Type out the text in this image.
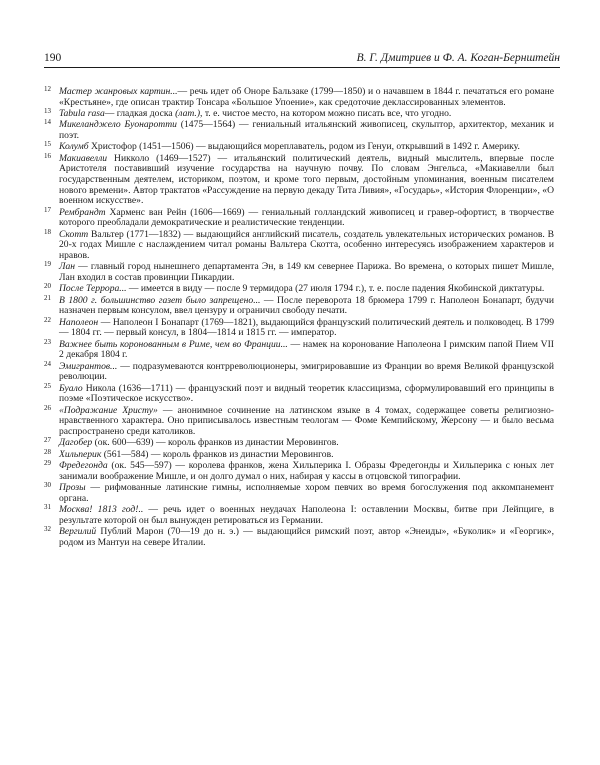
190	В. Г. Дмитриев и Ф. А. Коган-Бернштейн
12 Мастер жанровых картин...— речь идет об Оноре Бальзаке (1799—1850) и о начавшем в 1844 г. печататься его романе «Крестьяне», где описан трактир Тонсара «Большое Упоение», как средоточие деклассированных элементов.
13 Tabula rasa— гладкая доска (лат.), т. е. чистое место, на котором можно писать все, что угодно.
14 Микеланджело Буонаротти (1475—1564) — гениальный итальянский живописец, скульптор, архитектор, механик и поэт.
15 Колумб Христофор (1451—1506) — выдающийся мореплаватель, родом из Генуи, открывший в 1492 г. Америку.
16 Макиавелли Никколо (1469—1527) — итальянский политический деятель, видный мыслитель, впервые после Аристотеля поставивший изучение государства на научную почву. По словам Энгельса, «Макиавелли был государственным деятелем, историком, поэтом, и кроме того первым, достойным упоминания, военным писателем нового времени». Автор трактатов «Рассуждение на первую декаду Тита Ливия», «Государь», «История Флоренции», «О военном искусстве».
17 Рембрандт Харменс ван Рейн (1606—1669) — гениальный голландский живописец и гравер-офортист, в творчестве которого преобладали демократические и реалистические тенденции.
18 Скотт Вальтер (1771—1832) — выдающийся английский писатель, создатель увлекательных исторических романов. В 20-х годах Мишле с наслаждением читал романы Вальтера Скотта, особенно интересуясь изображением характеров и нравов.
19 Лан — главный город нынешнего департамента Эн, в 149 км севернее Парижа. Во времена, о которых пишет Мишле, Лан входил в состав провинции Пикардии.
20 После Террора... — имеется в виду — после 9 термидора (27 июля 1794 г.), т. е. после падения Якобинской диктатуры.
21 В 1800 г. большинство газет было запрещено... — После переворота 18 брюмера 1799 г. Наполеон Бонапарт, будучи назначен первым консулом, ввел цензуру и ограничил свободу печати.
22 Наполеон — Наполеон I Бонапарт (1769—1821), выдающийся французский политический деятель и полководец. В 1799 — 1804 гг. — первый консул, в 1804—1814 и 1815 гг. — император.
23 Важнее быть коронованным в Риме, чем во Франции... — намек на коронование Наполеона I римским папой Пием VII 2 декабря 1804 г.
24 Эмигрантов... — подразумеваются контрреволюционеры, эмигрировавшие из Франции во время Великой французской революции.
25 Буало Никола (1636—1711) — французский поэт и видный теоретик классицизма, сформулировавший его принципы в поэме «Поэтическое искусство».
26 «Подражание Христу» — анонимное сочинение на латинском языке в 4 томах, содержащее советы религиозно-нравственного характера. Оно приписывалось известным теологам — Фоме Кемпийскому, Жерсону — и было весьма распространено среди католиков.
27 Дагобер (ок. 600—639) — король франков из династии Меровингов.
28 Хильперик (561—584) — король франков из династии Меровингов.
29 Фредегонда (ок. 545—597) — королева франков, жена Хильперика I. Образы Фредегонды и Хильперика с юных лет занимали воображение Мишле, и он долго думал о них, набирая у кассы в отцовской типографии.
30 Прозы — рифмованные латинские гимны, исполняемые хором певчих во время богослужения под аккомпанемент органа.
31 Москва! 1813 год!.. — речь идет о военных неудачах Наполеона I: оставлении Москвы, битве при Лейпциге, в результате которой он был вынужден ретироваться из Германии.
32 Вергилий Публий Марон (70—19 до н. э.) — выдающийся римский поэт, автор «Энеиды», «Буколик» и «Георгик», родом из Мантуи на севере Италии.
